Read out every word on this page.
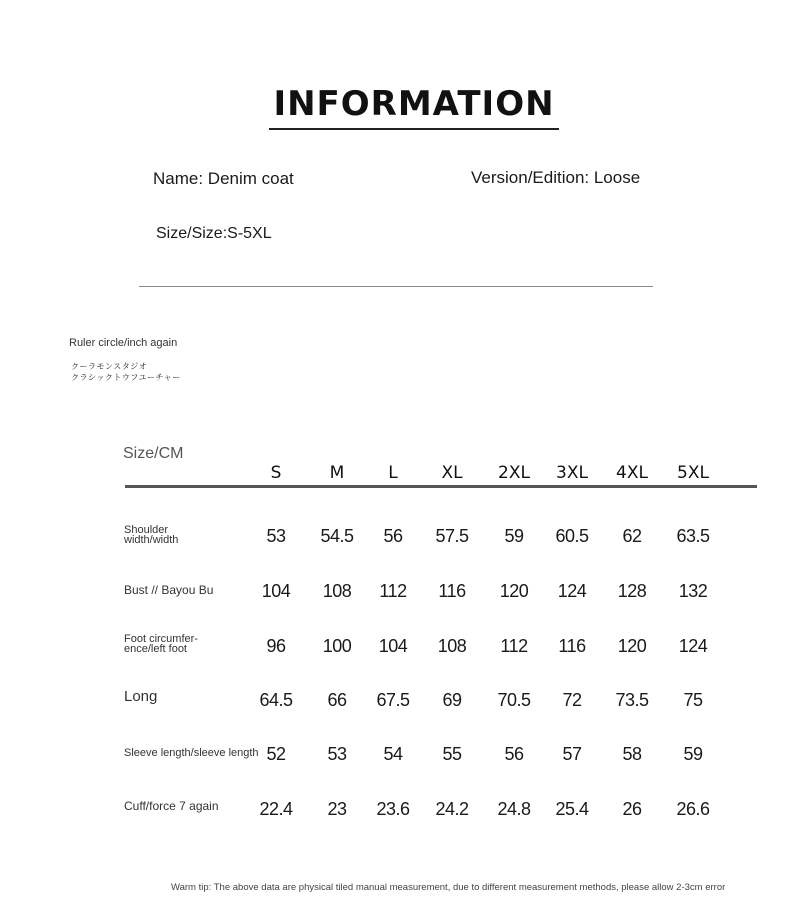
INFORMATION
Name: Denim coat	Version/Edition: Loose
Size/Size:S-5XL
Ruler circle/inch again
クーラモンスタジオ
クラシックトウフユーチャー
Size/CM
S	M	L	XL	2XL	3XL	4XL	5XL
Shoulder
width/width	53	54.5	56	57.5	59	60.5	62	63.5
Bust // Bayou Bu	104	108	112	116	120	124	128	132
Foot circumfer-
ence/left foot	96	100	104	108	112	116	120	124
Long	64.5	66	67.5	69	70.5	72	73.5	75
Sleeve length/sleeve length 52	53	54	55	56	57	58	59
Cuff/force 7 again	22.4	23	23.6	24.2	24.8	25.4	26	26.6
Warm tip: The above data are physical tiled manual measurement, due to different measurement methods, please allow 2-3cm error
